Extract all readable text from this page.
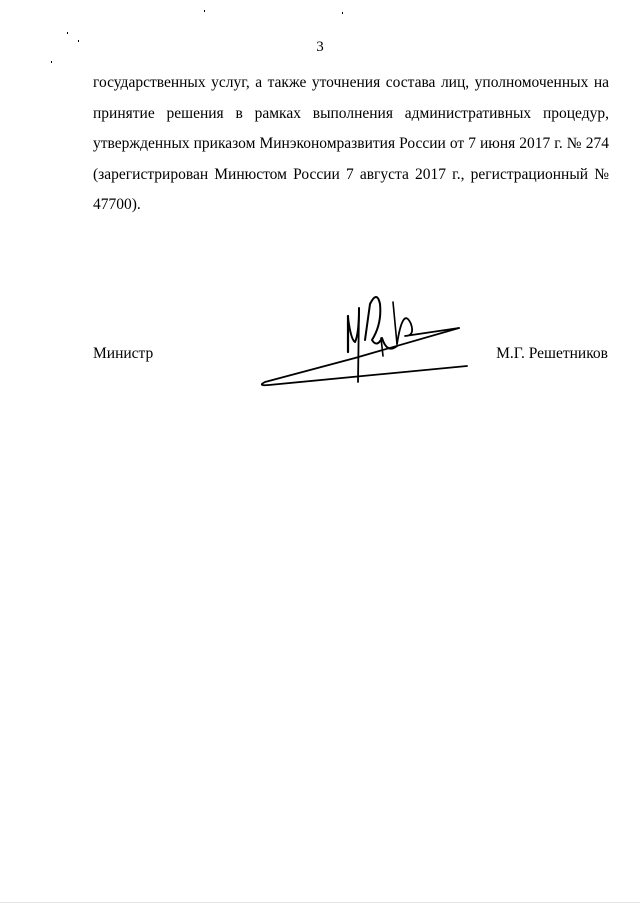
3

государственных услуг, а также уточнения состава лиц, уполномоченных на принятие решения в рамках выполнения административных процедур, утвержденных приказом Минэкономразвития России от 7 июня 2017 г. № 274 (зарегистрирован Минюстом России 7 августа 2017 г., регистрационный № 47700).

Министр	М.Г. Решетников
